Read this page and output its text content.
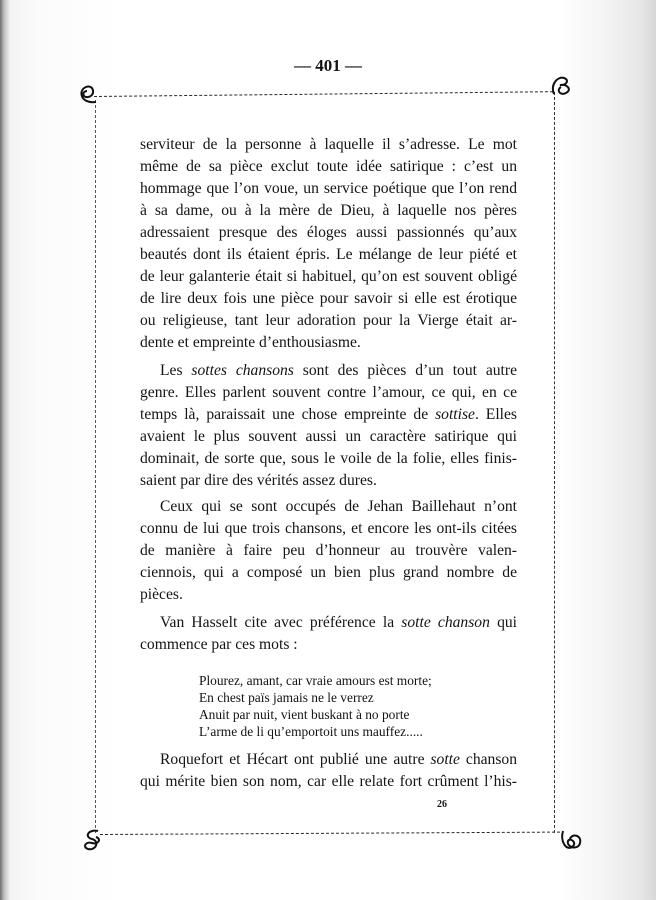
— 401 —
serviteur de la personne à laquelle il s’adresse. Le mot
même de sa pièce exclut toute idée satirique : c’est un
hommage que l’on voue, un service poétique que l’on rend
à sa dame, ou à la mère de Dieu, à laquelle nos pères
adressaient presque des éloges aussi passionnés qu’aux
beautés dont ils étaient épris. Le mélange de leur piété et
de leur galanterie était si habituel, qu’on est souvent obligé
de lire deux fois une pièce pour savoir si elle est érotique
ou religieuse, tant leur adoration pour la Vierge était ar-
dente et empreinte d’enthousiasme.
Les sottes chansons sont des pièces d’un tout autre
genre. Elles parlent souvent contre l’amour, ce qui, en ce
temps là, paraissait une chose empreinte de sottise. Elles
avaient le plus souvent aussi un caractère satirique qui
dominait, de sorte que, sous le voile de la folie, elles finis-
saient par dire des vérités assez dures.
Ceux qui se sont occupés de Jehan Baillehaut n’ont
connu de lui que trois chansons, et encore les ont-ils citées
de manière à faire peu d’honneur au trouvère valen-
ciennois, qui a composé un bien plus grand nombre de
pièces.
Van Hasselt cite avec préférence la sotte chanson qui
commence par ces mots :
Plourez, amant, car vraie amours est morte;
En chest païs jamais ne le verrez
Anuit par nuit, vient buskant à no porte
L’arme de li qu’emportoit uns mauffez.....
Roquefort et Hécart ont publié une autre sotte chanson
qui mérite bien son nom, car elle relate fort crûment l’his-
26
